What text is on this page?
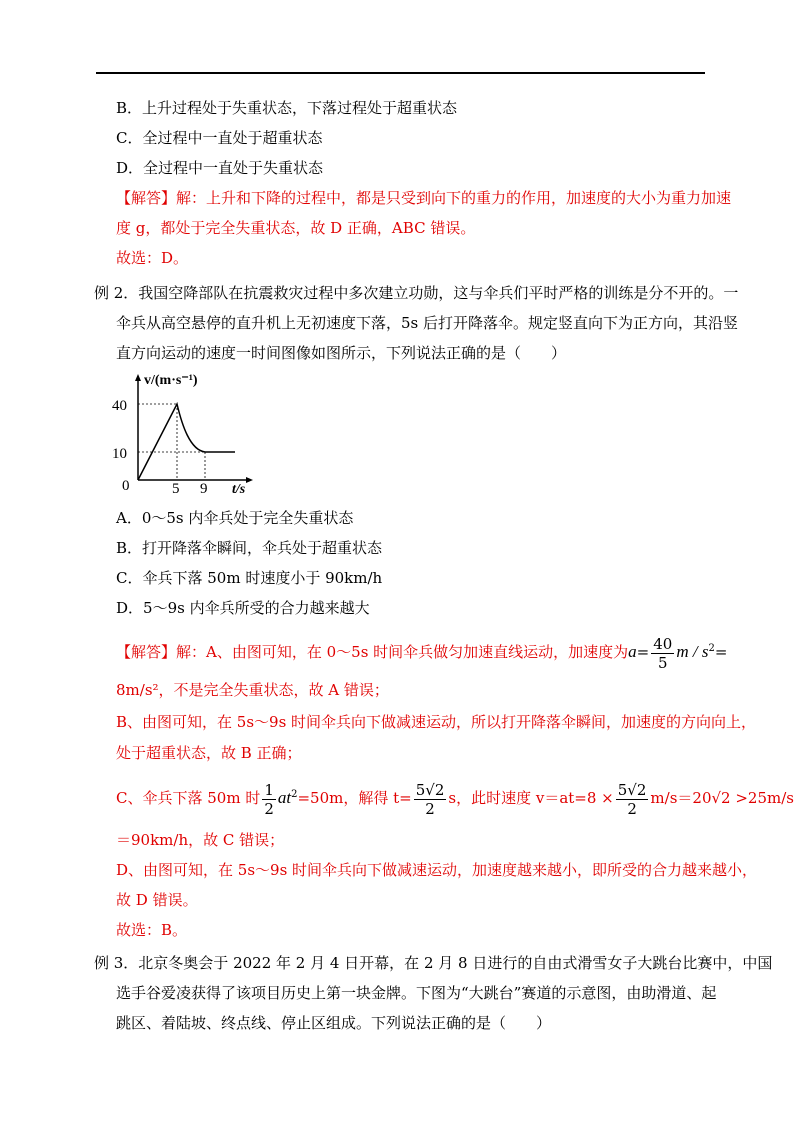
B．上升过程处于失重状态，下落过程处于超重状态
C．全过程中一直处于超重状态
D．全过程中一直处于失重状态
【解答】解：上升和下降的过程中，都是只受到向下的重力的作用，加速度的大小为重力加速
度 g，都处于完全失重状态，故 D 正确，ABC 错误。
故选：D。
例 2．我国空降部队在抗震救灾过程中多次建立功勋，这与伞兵们平时严格的训练是分不开的。一
伞兵从高空悬停的直升机上无初速度下落，5s 后打开降落伞。规定竖直向下为正方向，其沿竖
直方向运动的速度一时间图像如图所示，下列说法正确的是（　　）
v/(m·s⁻¹)
40
10
0	5 9 t/s
A．0～5s 内伞兵处于完全失重状态
B．打开降落伞瞬间，伞兵处于超重状态
C．伞兵下落 50m 时速度小于 90km/h
D．5～9s 内伞兵所受的合力越来越大
【解答】解：A、由图可知，在 0～5s 时间伞兵做匀加速直线运动，加速度为$a= \frac{40}{5}$ $m / s^2=$
8m/s²，不是完全失重状态，故 A 错误；
B、由图可知，在 5s～9s 时间伞兵向下做减速运动，所以打开降落伞瞬间，加速度的方向向上，
处于超重状态，故 B 正确；
C、伞兵下落 50m 时 $\frac{1}{2} at^2=50m$，解得 $t= \frac{5√2}{2}$ s，此时速度 $v=at=8 \times \frac{5√2}{2} m/s=20√2 >25m/s$
＝90km/h，故 C 错误；
D、由图可知，在 5s～9s 时间伞兵向下做减速运动，加速度越来越小，即所受的合力越来越小，
故 D 错误。
故选：B。
例 3．北京冬奥会于 2022 年 2 月 4 日开幕，在 2 月 8 日进行的自由式滑雪女子大跳台比赛中，中国
选手谷爱凌获得了该项目历史上第一块金牌。下图为“大跳台”赛道的示意图，由助滑道、起
跳区、着陆坡、终点线、停止区组成。下列说法正确的是（　　）
